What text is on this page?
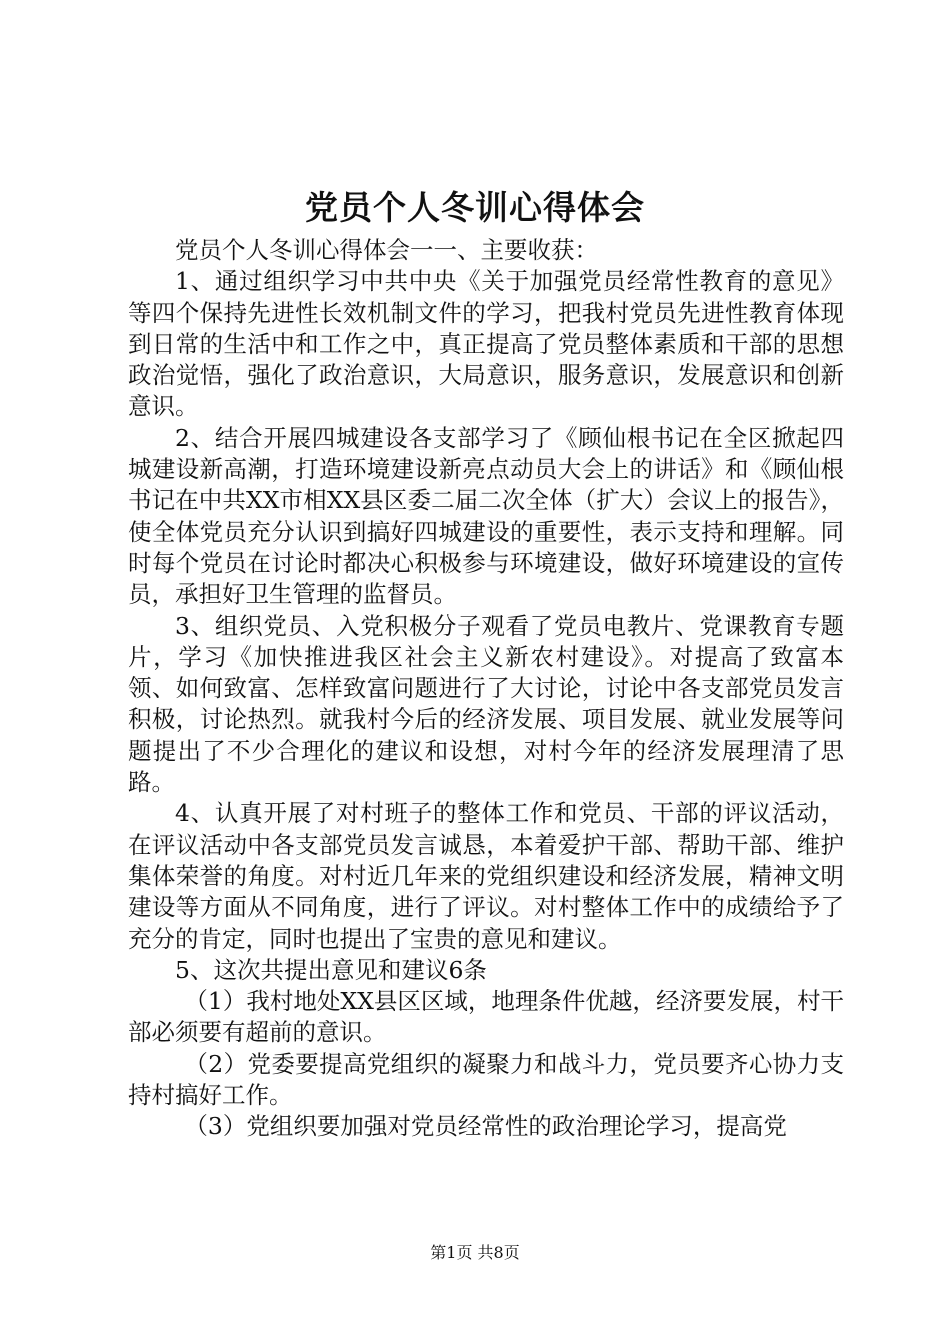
党员个人冬训心得体会

党员个人冬训心得体会一一、主要收获：

1、通过组织学习中共中央《关于加强党员经常性教育的意见》等四个保持先进性长效机制文件的学习，把我村党员先进性教育体现到日常的生活中和工作之中，真正提高了党员整体素质和干部的思想政治觉悟，强化了政治意识，大局意识，服务意识，发展意识和创新意识。

2、结合开展四城建设各支部学习了《顾仙根书记在全区掀起四城建设新高潮，打造环境建设新亮点动员大会上的讲话》和《顾仙根书记在中共XX市相XX县区委二届二次全体（扩大）会议上的报告》，使全体党员充分认识到搞好四城建设的重要性，表示支持和理解。同时每个党员在讨论时都决心积极参与环境建设，做好环境建设的宣传员，承担好卫生管理的监督员。

3、组织党员、入党积极分子观看了党员电教片、党课教育专题片，学习《加快推进我区社会主义新农村建设》。对提高了致富本领、如何致富、怎样致富问题进行了大讨论，讨论中各支部党员发言积极，讨论热烈。就我村今后的经济发展、项目发展、就业发展等问题提出了不少合理化的建议和设想，对村今年的经济发展理清了思路。

4、认真开展了对村班子的整体工作和党员、干部的评议活动，在评议活动中各支部党员发言诚恳，本着爱护干部、帮助干部、维护集体荣誉的角度。对村近几年来的党组织建设和经济发展，精神文明建设等方面从不同角度，进行了评议。对村整体工作中的成绩给予了充分的肯定，同时也提出了宝贵的意见和建议。

5、这次共提出意见和建议6条

（1）我村地处XX县区区域，地理条件优越，经济要发展，村干部必须要有超前的意识。

（2）党委要提高党组织的凝聚力和战斗力，党员要齐心协力支持村搞好工作。

（3）党组织要加强对党员经常性的政治理论学习，提高党

第1页 共8页
